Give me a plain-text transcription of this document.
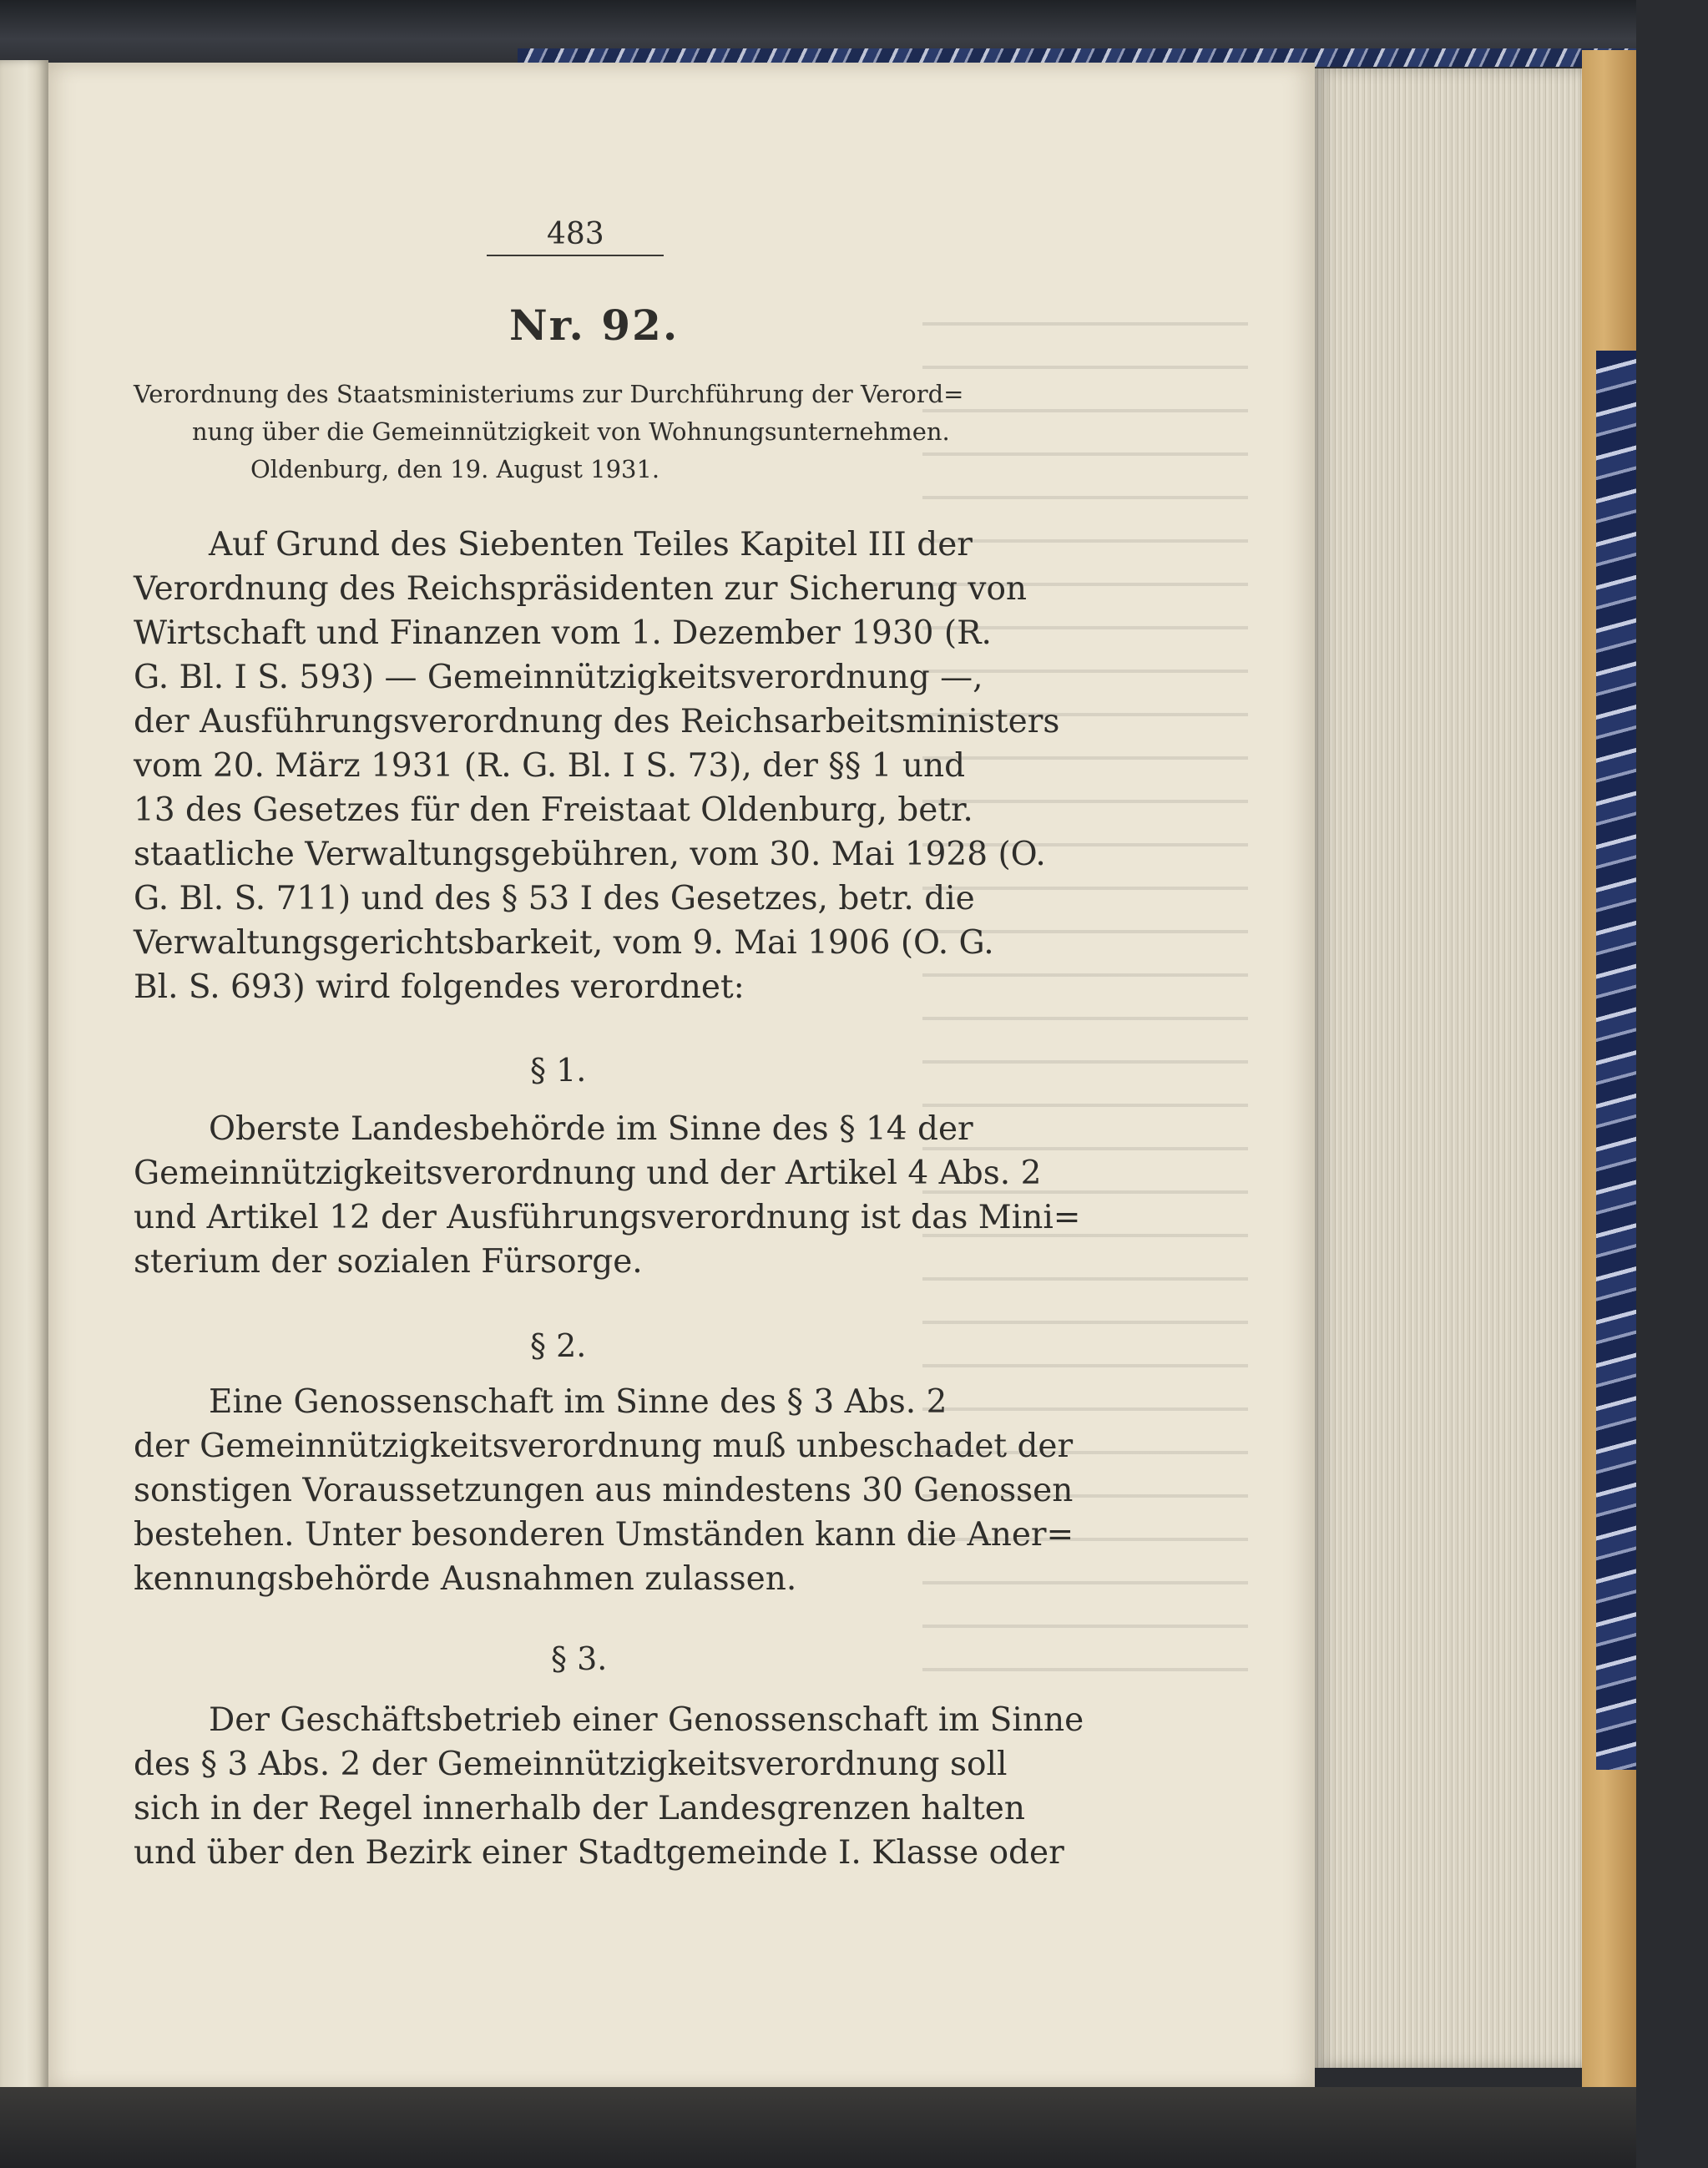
483
Nr. 92.
Verordnung des Staatsministeriums zur Durchführung der Verord=
nung über die Gemeinnützigkeit von Wohnungsunternehmen.
Oldenburg, den 19. August 1931.
Auf Grund des Siebenten Teiles Kapitel III der
Verordnung des Reichspräsidenten zur Sicherung von
Wirtschaft und Finanzen vom 1. Dezember 1930 (R.
G. Bl. I S. 593) — Gemeinnützigkeitsverordnung —,
der Ausführungsverordnung des Reichsarbeitsministers
vom 20. März 1931 (R. G. Bl. I S. 73), der §§ 1 und
13 des Gesetzes für den Freistaat Oldenburg, betr.
staatliche Verwaltungsgebühren, vom 30. Mai 1928 (O.
G. Bl. S. 711) und des § 53 I des Gesetzes, betr. die
Verwaltungsgerichtsbarkeit, vom 9. Mai 1906 (O. G.
Bl. S. 693) wird folgendes verordnet:
§ 1.
Oberste Landesbehörde im Sinne des § 14 der
Gemeinnützigkeitsverordnung und der Artikel 4 Abs. 2
und Artikel 12 der Ausführungsverordnung ist das Mini=
sterium der sozialen Fürsorge.
§ 2.
Eine Genossenschaft im Sinne des § 3 Abs. 2
der Gemeinnützigkeitsverordnung muß unbeschadet der
sonstigen Voraussetzungen aus mindestens 30 Genossen
bestehen. Unter besonderen Umständen kann die Aner=
kennungsbehörde Ausnahmen zulassen.
§ 3.
Der Geschäftsbetrieb einer Genossenschaft im Sinne
des § 3 Abs. 2 der Gemeinnützigkeitsverordnung soll
sich in der Regel innerhalb der Landesgrenzen halten
und über den Bezirk einer Stadtgemeinde I. Klasse oder
